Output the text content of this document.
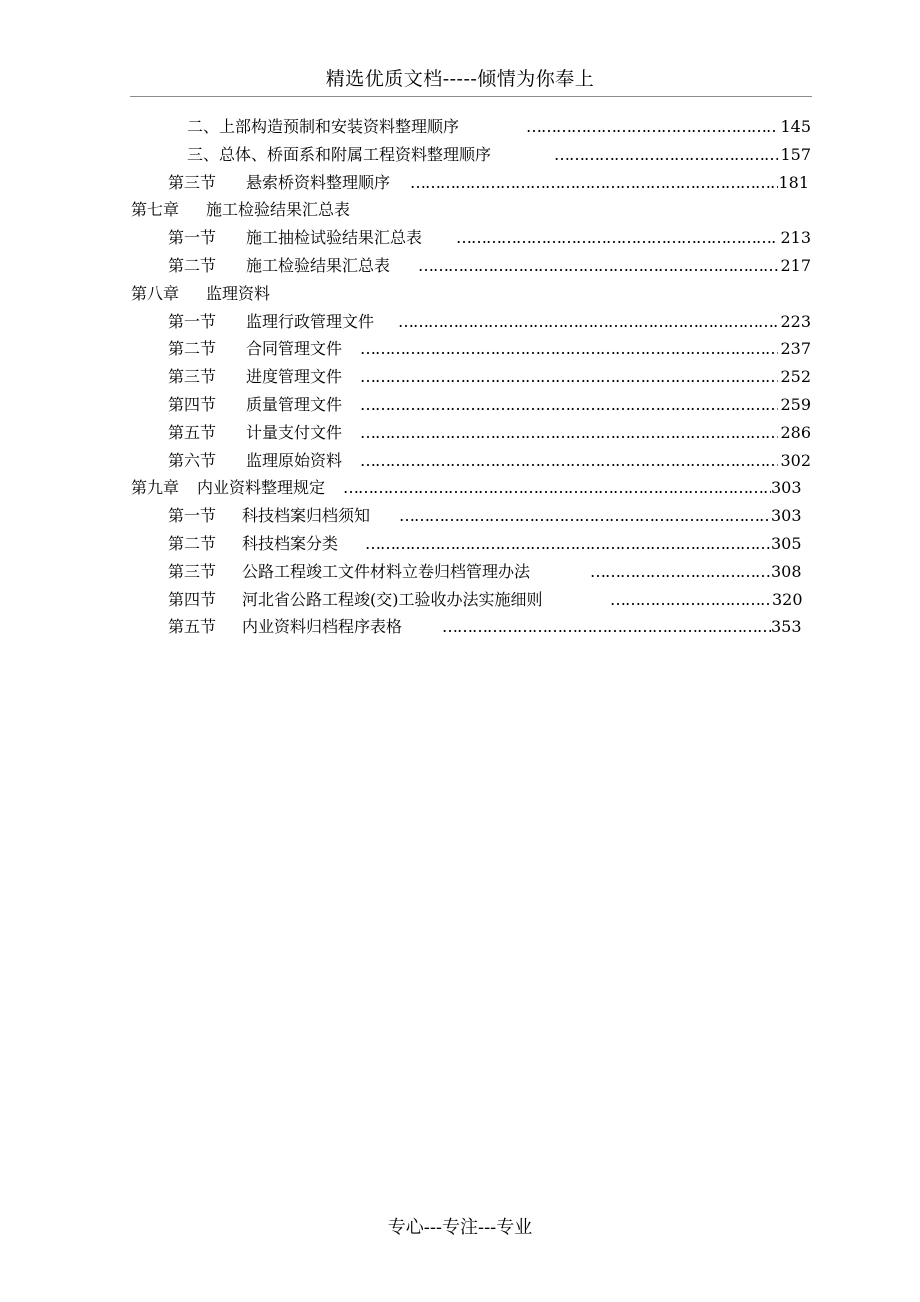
精选优质文档-----倾情为你奉上
二、上部构造预制和安装资料整理顺序 ……………………………………………………………………………………………………………………………………………………………………………………	145
三、总体、桥面系和附属工程资料整理顺序 ……………………………………………………………………………………………………………………………………………………………………………………	157
第三节 悬索桥资料整理顺序 ……………………………………………………………………………………………………………………………………………………………………………………	181
第七章 施工检验结果汇总表
第一节 施工抽检试验结果汇总表 ……………………………………………………………………………………………………………………………………………………………………………………	213
第二节 施工检验结果汇总表 ……………………………………………………………………………………………………………………………………………………………………………………	217
第八章 监理资料
第一节 监理行政管理文件 ……………………………………………………………………………………………………………………………………………………………………………………	223
第二节 合同管理文件 ……………………………………………………………………………………………………………………………………………………………………………………	237
第三节 进度管理文件 ……………………………………………………………………………………………………………………………………………………………………………………	252
第四节 质量管理文件 ……………………………………………………………………………………………………………………………………………………………………………………	259
第五节 计量支付文件 ……………………………………………………………………………………………………………………………………………………………………………………	286
第六节 监理原始资料 ……………………………………………………………………………………………………………………………………………………………………………………	302
第九章 内业资料整理规定 ……………………………………………………………………………………………………………………………………………………………………………………	303
第一节 科技档案归档须知 ……………………………………………………………………………………………………………………………………………………………………………………	303
第二节 科技档案分类 ……………………………………………………………………………………………………………………………………………………………………………………	305
第三节 公路工程竣工文件材料立卷归档管理办法 ……………………………………………………………………………………………………………………………………………………………………………………	308
第四节 河北省公路工程竣(交)工验收办法实施细则 ……………………………………………………………………………………………………………………………………………………………………………………	320
第五节 内业资料归档程序表格 ……………………………………………………………………………………………………………………………………………………………………………………	353
专心---专注---专业
